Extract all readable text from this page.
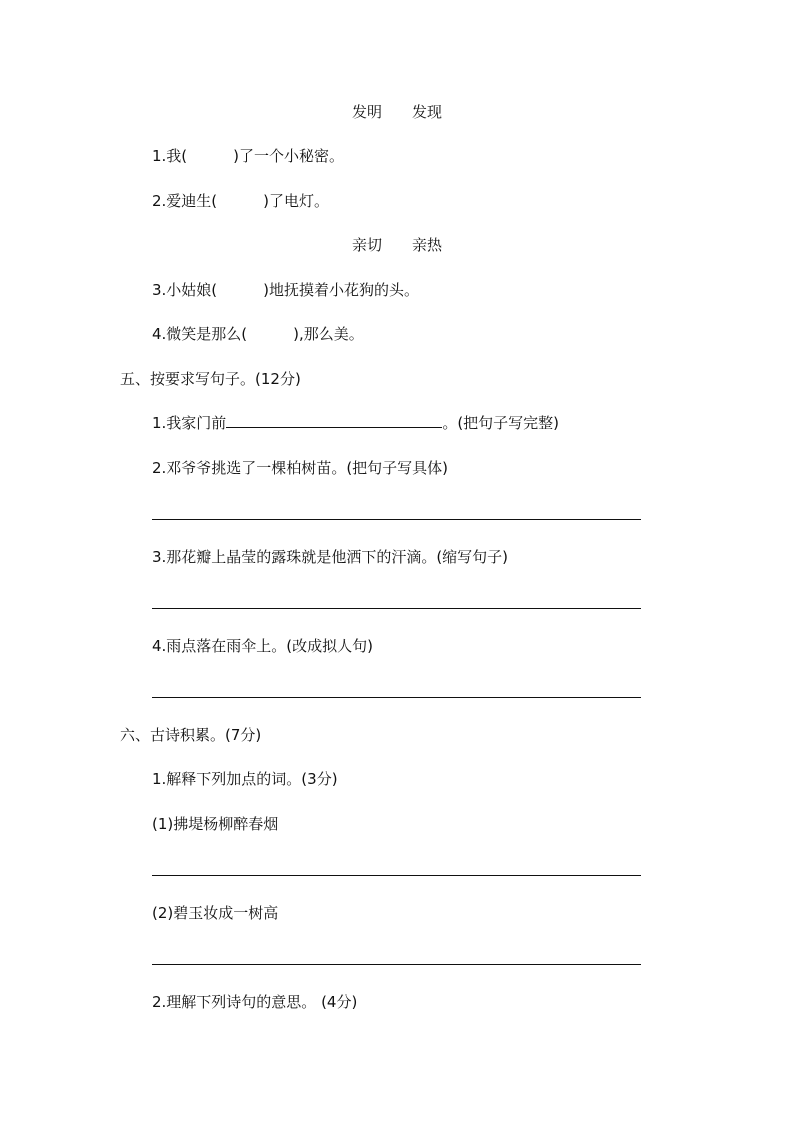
发明 发现
1.我(	)了一个小秘密。
2.爱迪生(	)了电灯。
亲切 亲热
3.小姑娘(	)地抚摸着小花狗的头。
4.微笑是那么(	),那么美。
五、按要求写句子。(12分)
1.我家门前	。(把句子写完整)
2.邓爷爷挑选了一棵柏树苗。(把句子写具体)
3.那花瓣上晶莹的露珠就是他洒下的汗滴。(缩写句子)
4.雨点落在雨伞上。(改成拟人句)
六、古诗积累。(7分)
1.解释下列加点的词。(3分)
(1)拂堤杨柳醉春烟
(2)碧玉妆成一树高
2.理解下列诗句的意思。 (4分)
